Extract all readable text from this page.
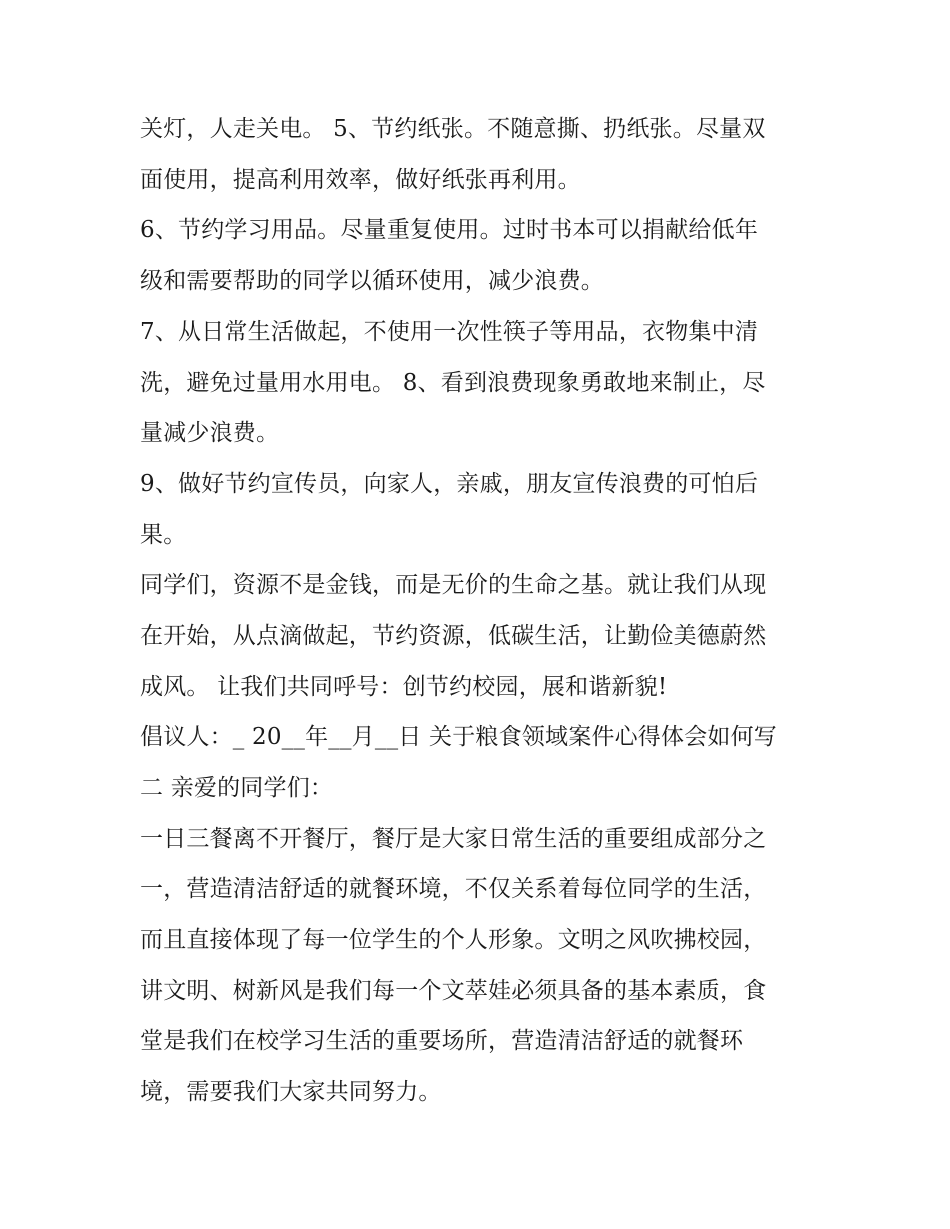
关灯，人走关电。 5、节约纸张。不随意撕、扔纸张。尽量双
面使用，提高利用效率，做好纸张再利用。
6、节约学习用品。尽量重复使用。过时书本可以捐献给低年
级和需要帮助的同学以循环使用，减少浪费。
7、从日常生活做起，不使用一次性筷子等用品，衣物集中清
洗，避免过量用水用电。 8、看到浪费现象勇敢地来制止，尽
量减少浪费。
9、做好节约宣传员，向家人，亲戚，朋友宣传浪费的可怕后
果。
同学们，资源不是金钱，而是无价的生命之基。就让我们从现
在开始，从点滴做起，节约资源，低碳生活，让勤俭美德蔚然
成风。 让我们共同呼号：创节约校园，展和谐新貌!
倡议人：_ 20__年__月__日 关于粮食领域案件心得体会如何写
二 亲爱的同学们：
一日三餐离不开餐厅，餐厅是大家日常生活的重要组成部分之
一，营造清洁舒适的就餐环境，不仅关系着每位同学的生活，
而且直接体现了每一位学生的个人形象。文明之风吹拂校园，
讲文明、树新风是我们每一个文萃娃必须具备的基本素质，食
堂是我们在校学习生活的重要场所，营造清洁舒适的就餐环
境，需要我们大家共同努力。
